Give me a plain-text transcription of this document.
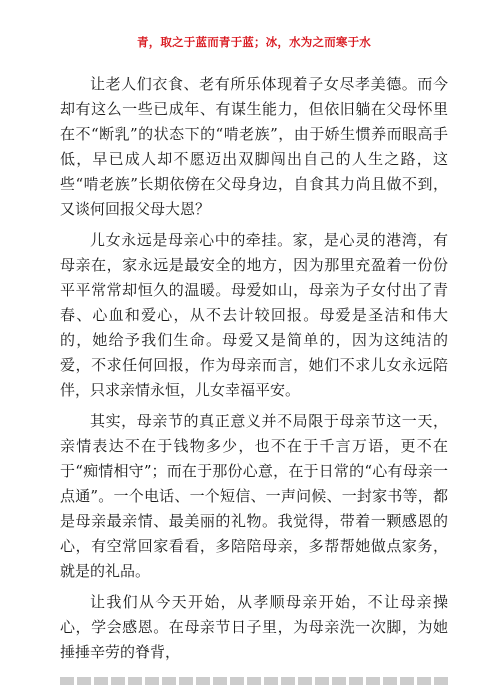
青，取之于蓝而青于蓝；冰，水为之而寒于水

让老人们衣食、老有所乐体现着子女尽孝美德。而今却有这么一些已成年、有谋生能力，但依旧躺在父母怀里在不“断乳”的状态下的“啃老族”，由于娇生惯养而眼高手低，早已成人却不愿迈出双脚闯出自己的人生之路，这些“啃老族”长期依傍在父母身边，自食其力尚且做不到，又谈何回报父母大恩？

儿女永远是母亲心中的牵挂。家，是心灵的港湾，有母亲在，家永远是最安全的地方，因为那里充盈着一份份平平常常却恒久的温暖。母爱如山，母亲为子女付出了青春、心血和爱心，从不去计较回报。母爱是圣洁和伟大的，她给予我们生命。母爱又是简单的，因为这纯洁的爱，不求任何回报，作为母亲而言，她们不求儿女永远陪伴，只求亲情永恒，儿女幸福平安。

其实，母亲节的真正意义并不局限于母亲节这一天，亲情表达不在于钱物多少，也不在于千言万语，更不在于“痴情相守”；而在于那份心意，在于日常的“心有母亲一点通”。一个电话、一个短信、一声问候、一封家书等，都是母亲最亲情、最美丽的礼物。我觉得，带着一颗感恩的心，有空常回家看看，多陪陪母亲，多帮帮她做点家务，就是的礼品。

让我们从今天开始，从孝顺母亲开始，不让母亲操心，学会感恩。在母亲节日子里，为母亲洗一次脚，为她捶捶辛劳的脊背，
